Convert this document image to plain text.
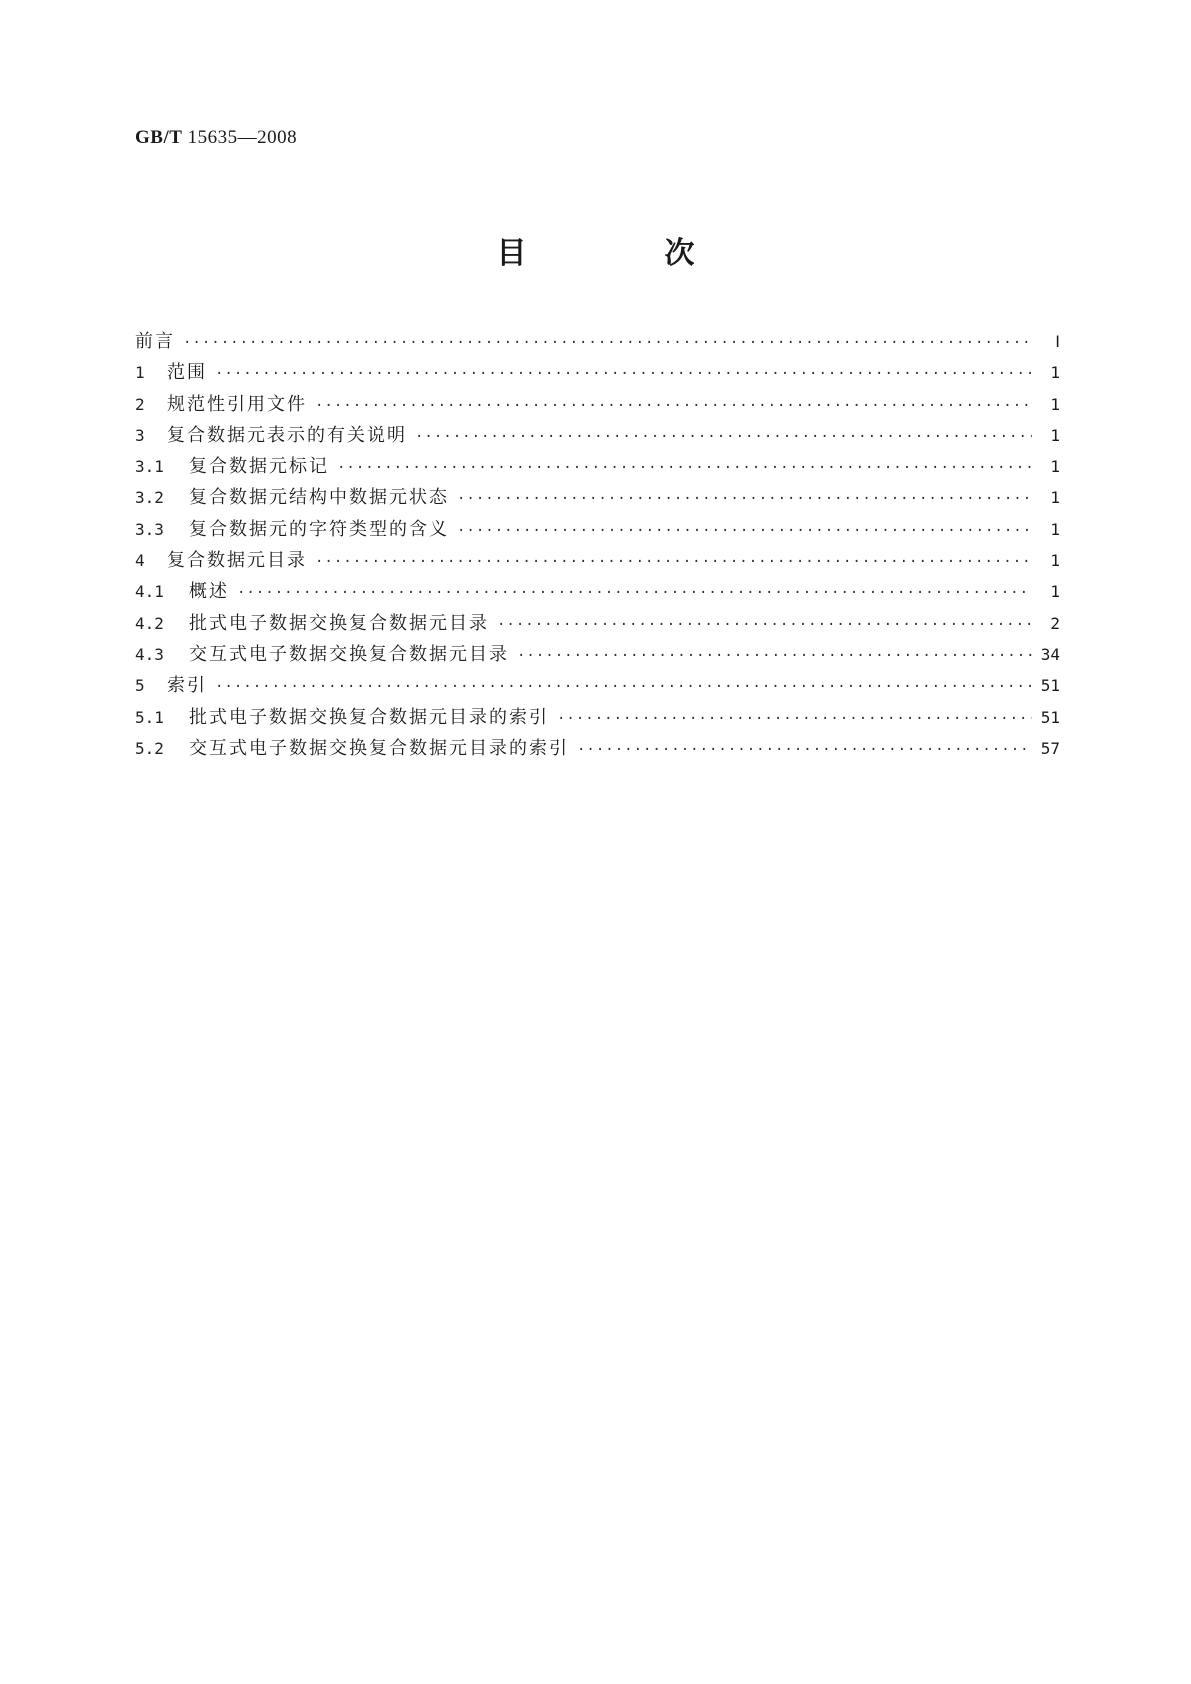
GB/T 15635—2008
目　次
前言 ·····	Ⅰ
1	范围 ·····	1
2	规范性引用文件 ·····	1
3	复合数据元表示的有关说明 ·····	1
3.1	复合数据元标记 ·····	1
3.2	复合数据元结构中数据元状态 ·····	1
3.3	复合数据元的字符类型的含义 ·····	1
4	复合数据元目录 ·····	1
4.1	概述 ·····	1
4.2	批式电子数据交换复合数据元目录 ·····	2
4.3	交互式电子数据交换复合数据元目录 ·····	34
5	索引 ·····	51
5.1	批式电子数据交换复合数据元目录的索引 ·····	51
5.2	交互式电子数据交换复合数据元目录的索引 ·····	57
